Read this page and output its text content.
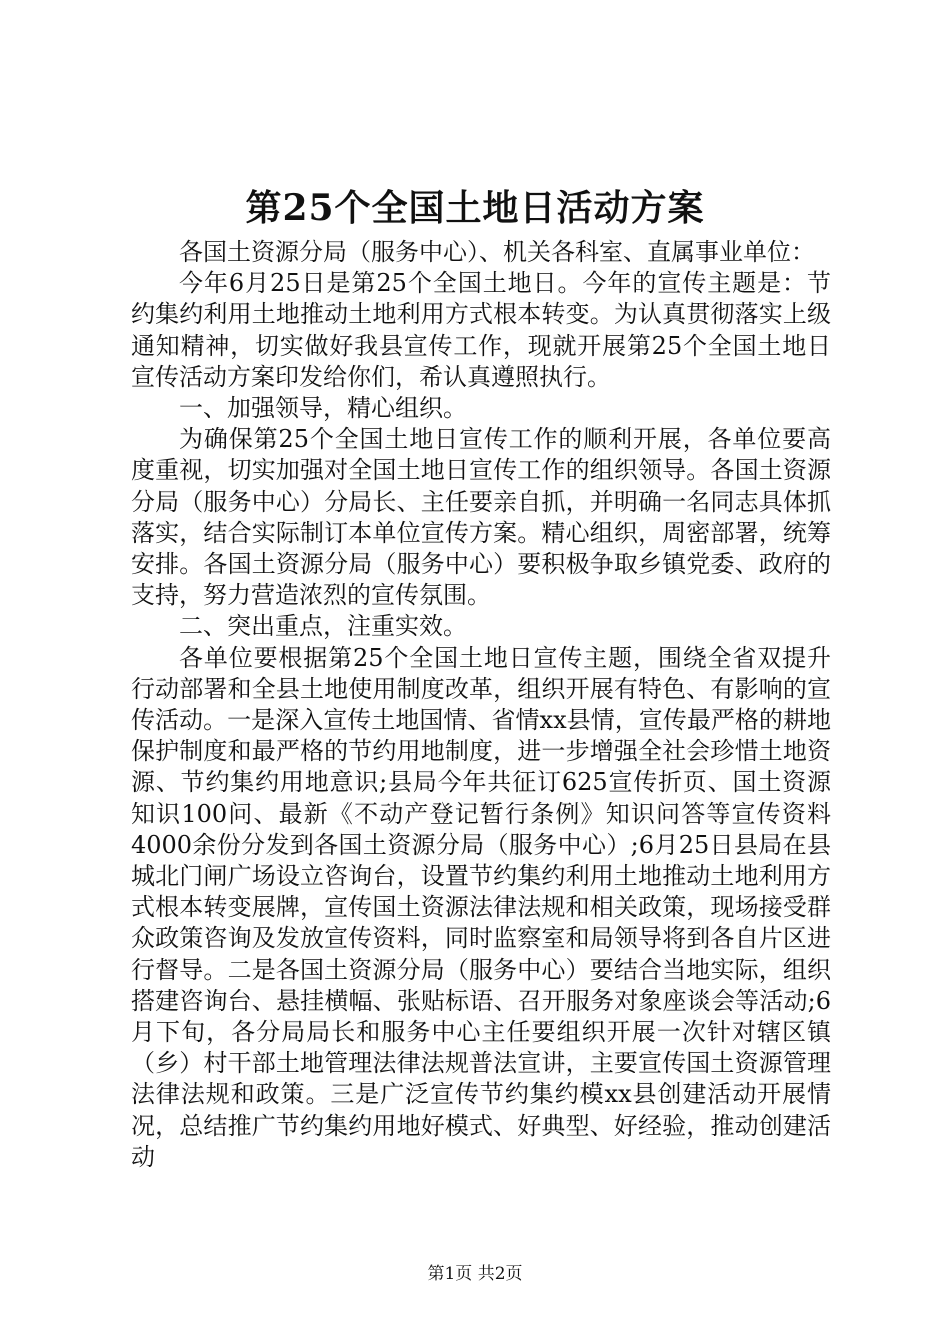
第25个全国土地日活动方案

各国土资源分局（服务中心）、机关各科室、直属事业单位：

今年6月25日是第25个全国土地日。今年的宣传主题是：节约集约利用土地推动土地利用方式根本转变。为认真贯彻落实上级通知精神，切实做好我县宣传工作，现就开展第25个全国土地日宣传活动方案印发给你们，希认真遵照执行。

一、加强领导，精心组织。

为确保第25个全国土地日宣传工作的顺利开展，各单位要高度重视，切实加强对全国土地日宣传工作的组织领导。各国土资源分局（服务中心）分局长、主任要亲自抓，并明确一名同志具体抓落实，结合实际制订本单位宣传方案。精心组织，周密部署，统筹安排。各国土资源分局（服务中心）要积极争取乡镇党委、政府的支持，努力营造浓烈的宣传氛围。

二、突出重点，注重实效。

各单位要根据第25个全国土地日宣传主题，围绕全省双提升行动部署和全县土地使用制度改革，组织开展有特色、有影响的宣传活动。一是深入宣传土地国情、省情xx县情，宣传最严格的耕地保护制度和最严格的节约用地制度，进一步增强全社会珍惜土地资源、节约集约用地意识;县局今年共征订625宣传折页、国土资源知识100问、最新《不动产登记暂行条例》知识问答等宣传资料4000余份分发到各国土资源分局（服务中心）;6月25日县局在县城北门闸广场设立咨询台，设置节约集约利用土地推动土地利用方式根本转变展牌，宣传国土资源法律法规和相关政策，现场接受群众政策咨询及发放宣传资料，同时监察室和局领导将到各自片区进行督导。二是各国土资源分局（服务中心）要结合当地实际，组织搭建咨询台、悬挂横幅、张贴标语、召开服务对象座谈会等活动;6月下旬，各分局局长和服务中心主任要组织开展一次针对辖区镇（乡）村干部土地管理法律法规普法宣讲，主要宣传国土资源管理法律法规和政策。三是广泛宣传节约集约模xx县创建活动开展情况，总结推广节约集约用地好模式、好典型、好经验，推动创建活动

第1页 共2页
